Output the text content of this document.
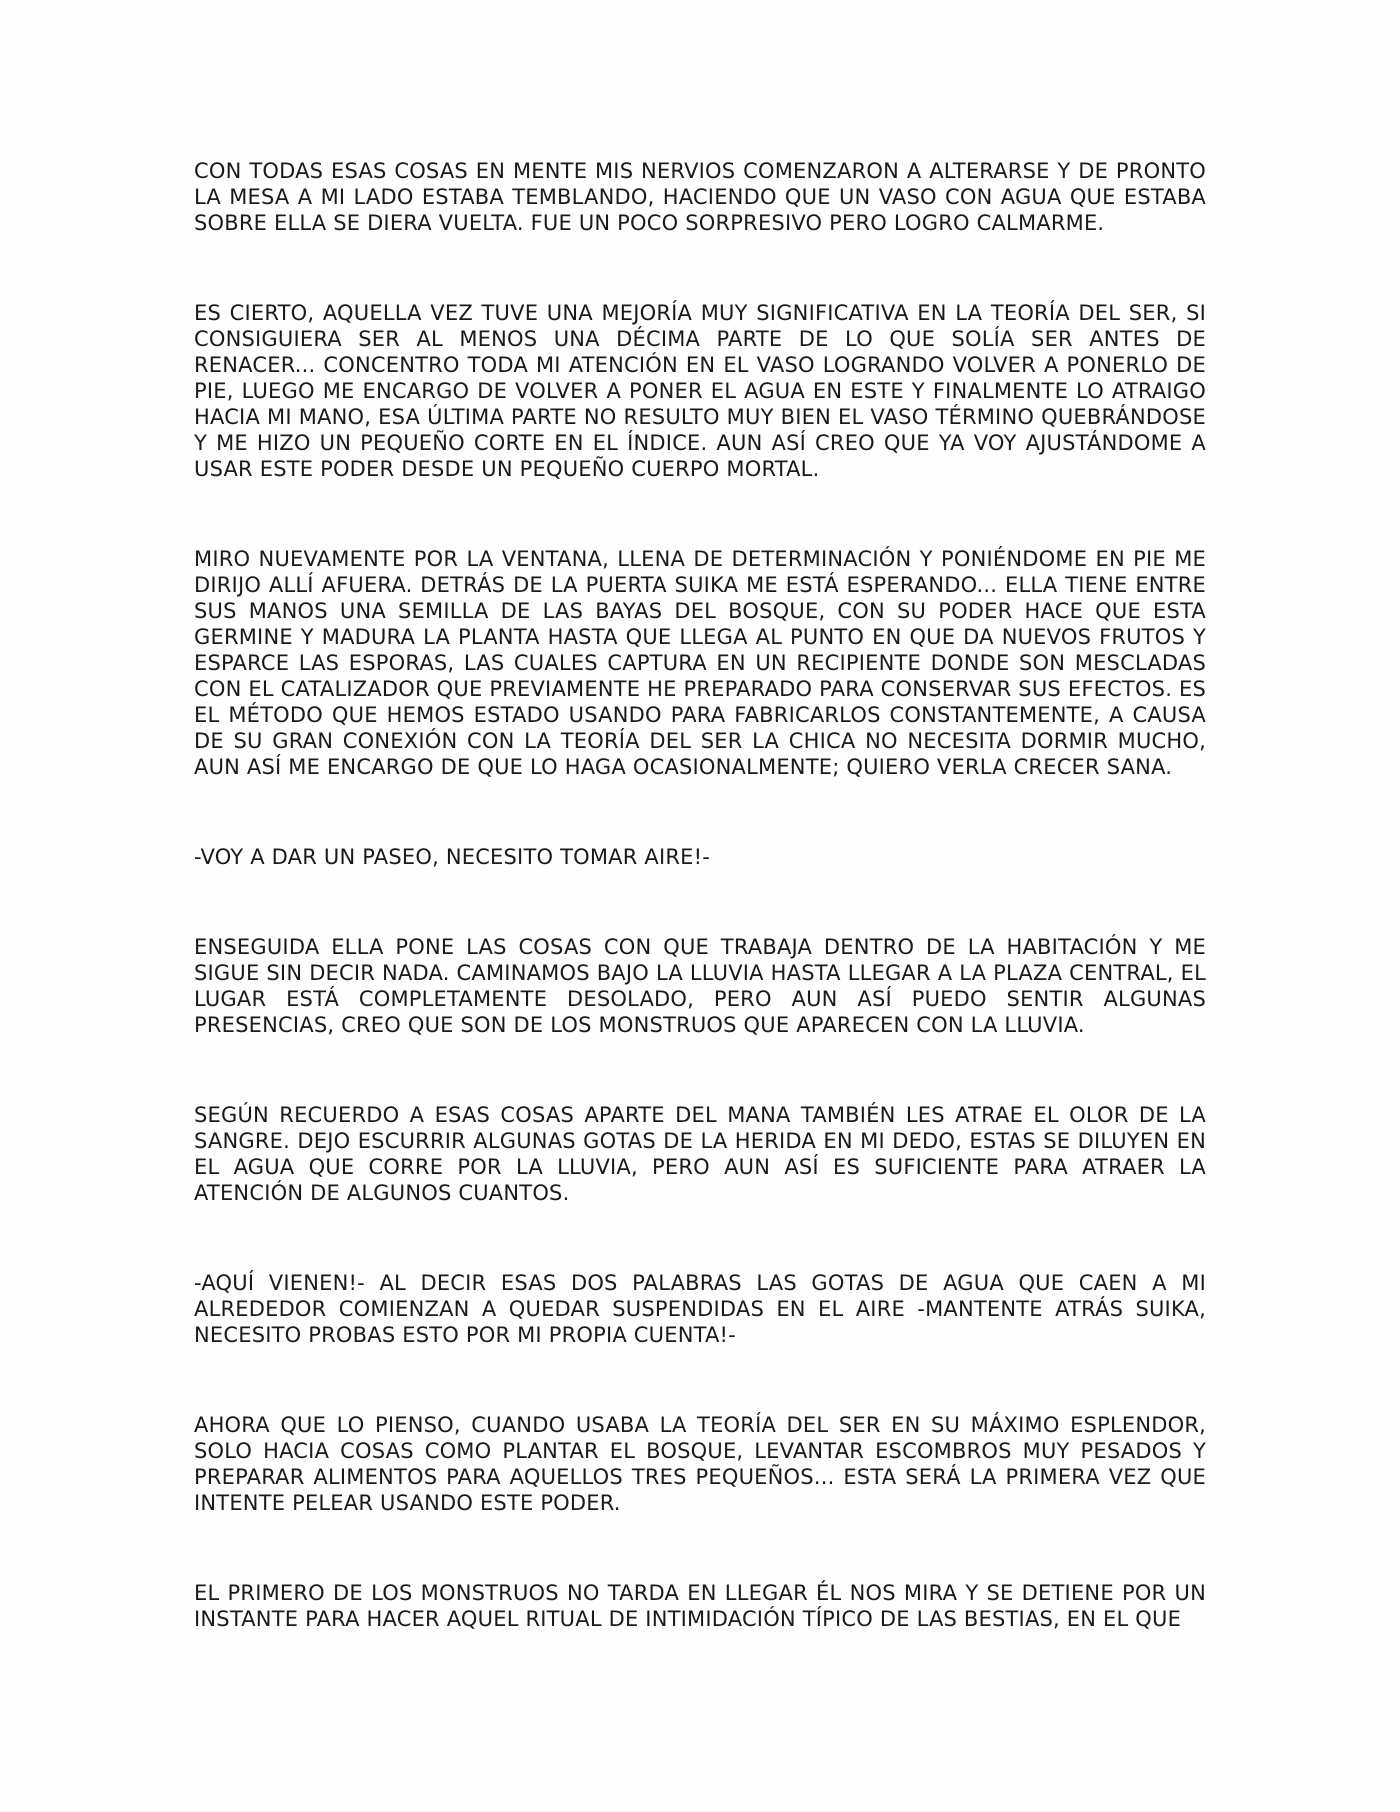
CON TODAS ESAS COSAS EN MENTE MIS NERVIOS COMENZARON A ALTERARSE Y DE PRONTO LA MESA A MI LADO ESTABA TEMBLANDO, HACIENDO QUE UN VASO CON AGUA QUE ESTABA SOBRE ELLA SE DIERA VUELTA. FUE UN POCO SORPRESIVO PERO LOGRO CALMARME.

ES CIERTO, AQUELLA VEZ TUVE UNA MEJORÍA MUY SIGNIFICATIVA EN LA TEORÍA DEL SER, SI CONSIGUIERA SER AL MENOS UNA DÉCIMA PARTE DE LO QUE SOLÍA SER ANTES DE RENACER... CONCENTRO TODA MI ATENCIÓN EN EL VASO LOGRANDO VOLVER A PONERLO DE PIE, LUEGO ME ENCARGO DE VOLVER A PONER EL AGUA EN ESTE Y FINALMENTE LO ATRAIGO HACIA MI MANO, ESA ÚLTIMA PARTE NO RESULTO MUY BIEN EL VASO TÉRMINO QUEBRÁNDOSE Y ME HIZO UN PEQUEÑO CORTE EN EL ÍNDICE. AUN ASÍ CREO QUE YA VOY AJUSTÁNDOME A USAR ESTE PODER DESDE UN PEQUEÑO CUERPO MORTAL.

MIRO NUEVAMENTE POR LA VENTANA, LLENA DE DETERMINACIÓN Y PONIÉNDOME EN PIE ME DIRIJO ALLÍ AFUERA. DETRÁS DE LA PUERTA SUIKA ME ESTÁ ESPERANDO... ELLA TIENE ENTRE SUS MANOS UNA SEMILLA DE LAS BAYAS DEL BOSQUE, CON SU PODER HACE QUE ESTA GERMINE Y MADURA LA PLANTA HASTA QUE LLEGA AL PUNTO EN QUE DA NUEVOS FRUTOS Y ESPARCE LAS ESPORAS, LAS CUALES CAPTURA EN UN RECIPIENTE DONDE SON MESCLADAS CON EL CATALIZADOR QUE PREVIAMENTE HE PREPARADO PARA CONSERVAR SUS EFECTOS. ES EL MÉTODO QUE HEMOS ESTADO USANDO PARA FABRICARLOS CONSTANTEMENTE, A CAUSA DE SU GRAN CONEXIÓN CON LA TEORÍA DEL SER LA CHICA NO NECESITA DORMIR MUCHO, AUN ASÍ ME ENCARGO DE QUE LO HAGA OCASIONALMENTE; QUIERO VERLA CRECER SANA.

-VOY A DAR UN PASEO, NECESITO TOMAR AIRE!-

ENSEGUIDA ELLA PONE LAS COSAS CON QUE TRABAJA DENTRO DE LA HABITACIÓN Y ME SIGUE SIN DECIR NADA. CAMINAMOS BAJO LA LLUVIA HASTA LLEGAR A LA PLAZA CENTRAL, EL LUGAR ESTÁ COMPLETAMENTE DESOLADO, PERO AUN ASÍ PUEDO SENTIR ALGUNAS PRESENCIAS, CREO QUE SON DE LOS MONSTRUOS QUE APARECEN CON LA LLUVIA.

SEGÚN RECUERDO A ESAS COSAS APARTE DEL MANA TAMBIÉN LES ATRAE EL OLOR DE LA SANGRE. DEJO ESCURRIR ALGUNAS GOTAS DE LA HERIDA EN MI DEDO, ESTAS SE DILUYEN EN EL AGUA QUE CORRE POR LA LLUVIA, PERO AUN ASÍ ES SUFICIENTE PARA ATRAER LA ATENCIÓN DE ALGUNOS CUANTOS.

-AQUÍ VIENEN!- AL DECIR ESAS DOS PALABRAS LAS GOTAS DE AGUA QUE CAEN A MI ALREDEDOR COMIENZAN A QUEDAR SUSPENDIDAS EN EL AIRE -MANTENTE ATRÁS SUIKA, NECESITO PROBAS ESTO POR MI PROPIA CUENTA!-

AHORA QUE LO PIENSO, CUANDO USABA LA TEORÍA DEL SER EN SU MÁXIMO ESPLENDOR, SOLO HACIA COSAS COMO PLANTAR EL BOSQUE, LEVANTAR ESCOMBROS MUY PESADOS Y PREPARAR ALIMENTOS PARA AQUELLOS TRES PEQUEÑOS... ESTA SERÁ LA PRIMERA VEZ QUE INTENTE PELEAR USANDO ESTE PODER.

EL PRIMERO DE LOS MONSTRUOS NO TARDA EN LLEGAR ÉL NOS MIRA Y SE DETIENE POR UN INSTANTE PARA HACER AQUEL RITUAL DE INTIMIDACIÓN TÍPICO DE LAS BESTIAS, EN EL QUE
